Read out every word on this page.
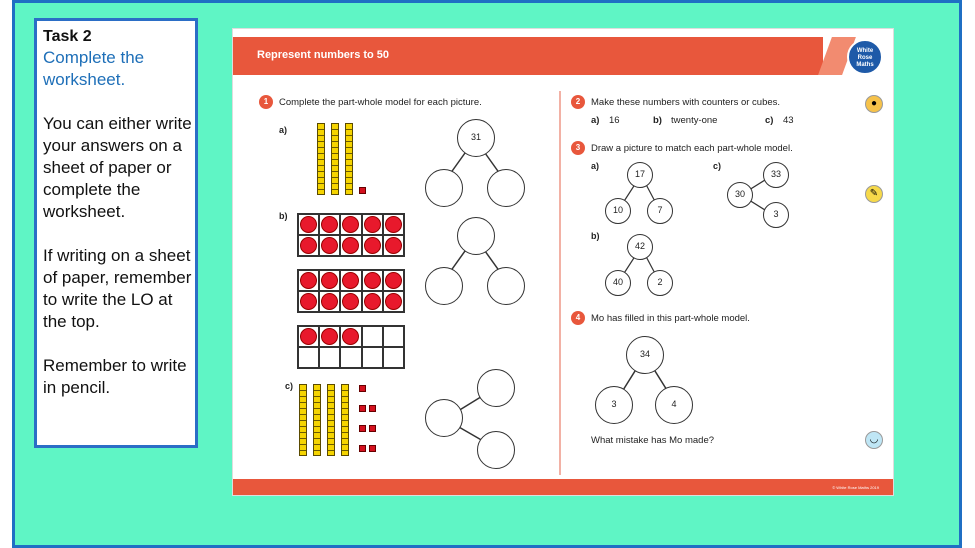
Task 2
Complete the worksheet.
You can either write your answers on a sheet of paper or complete the worksheet.
If writing on a sheet of paper, remember to write the LO at the top.
Remember to write in pencil.
Represent numbers to 50	White Rose Maths
1	Complete the part-whole model for each picture.
a)
31
b)
c)
2	Make these numbers with counters or cubes.
a) 16	b) twenty-one	c) 43
●
3	Draw a picture to match each part-whole model.
a)
17
10	7
c)
30
33
3
✎
b)
42
40	2
4	Mo has filled in this part-whole model.
34
3	4
What mistake has Mo made?	◡
© White Rose Maths 2019
